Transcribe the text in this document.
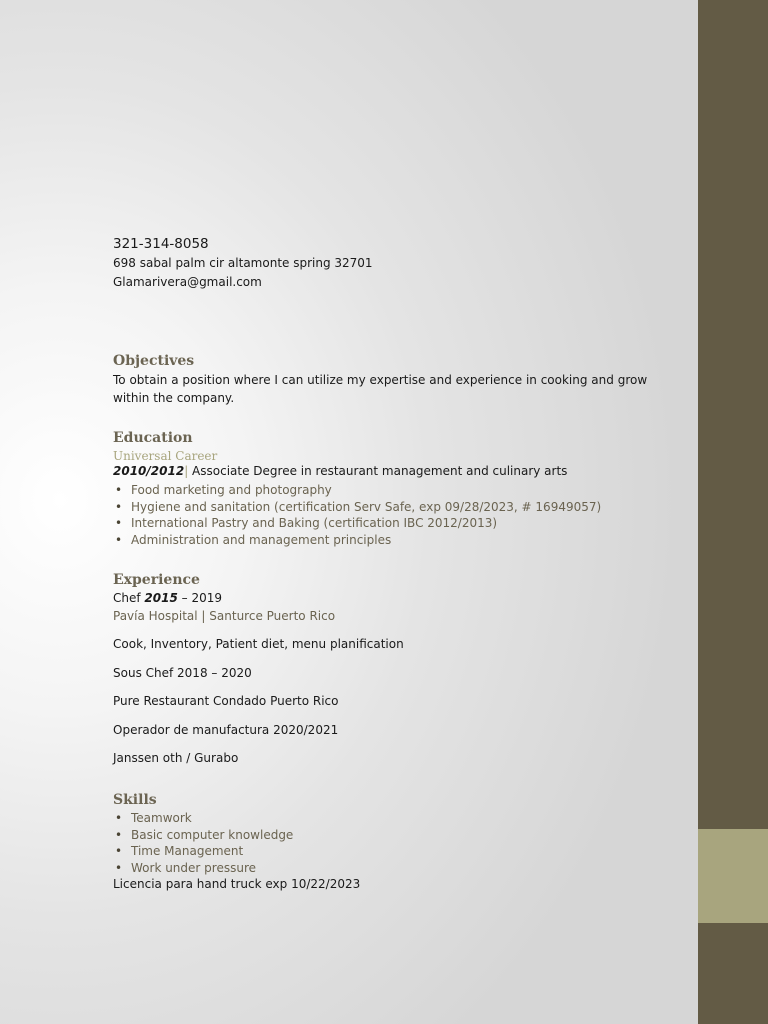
321-314-8058
698 sabal palm cir altamonte spring 32701
Glamarivera@gmail.com
Objectives
To obtain a position where I can utilize my expertise and experience in cooking and grow within the company.
Education
Universal Career
2010/2012| Associate Degree in restaurant management and culinary arts
• Food marketing and photography
• Hygiene and sanitation (certification Serv Safe, exp 09/28/2023, # 16949057)
• International Pastry and Baking (certification IBC 2012/2013)
• Administration and management principles
Experience
Chef 2015 – 2019
Pavía Hospital | Santurce Puerto Rico
Cook, Inventory, Patient diet, menu planification
Sous Chef 2018 – 2020
Pure Restaurant Condado Puerto Rico
Operador de manufactura 2020/2021
Janssen oth / Gurabo
Skills
• Teamwork
• Basic computer knowledge
• Time Management
• Work under pressure
Licencia para hand truck exp 10/22/2023
